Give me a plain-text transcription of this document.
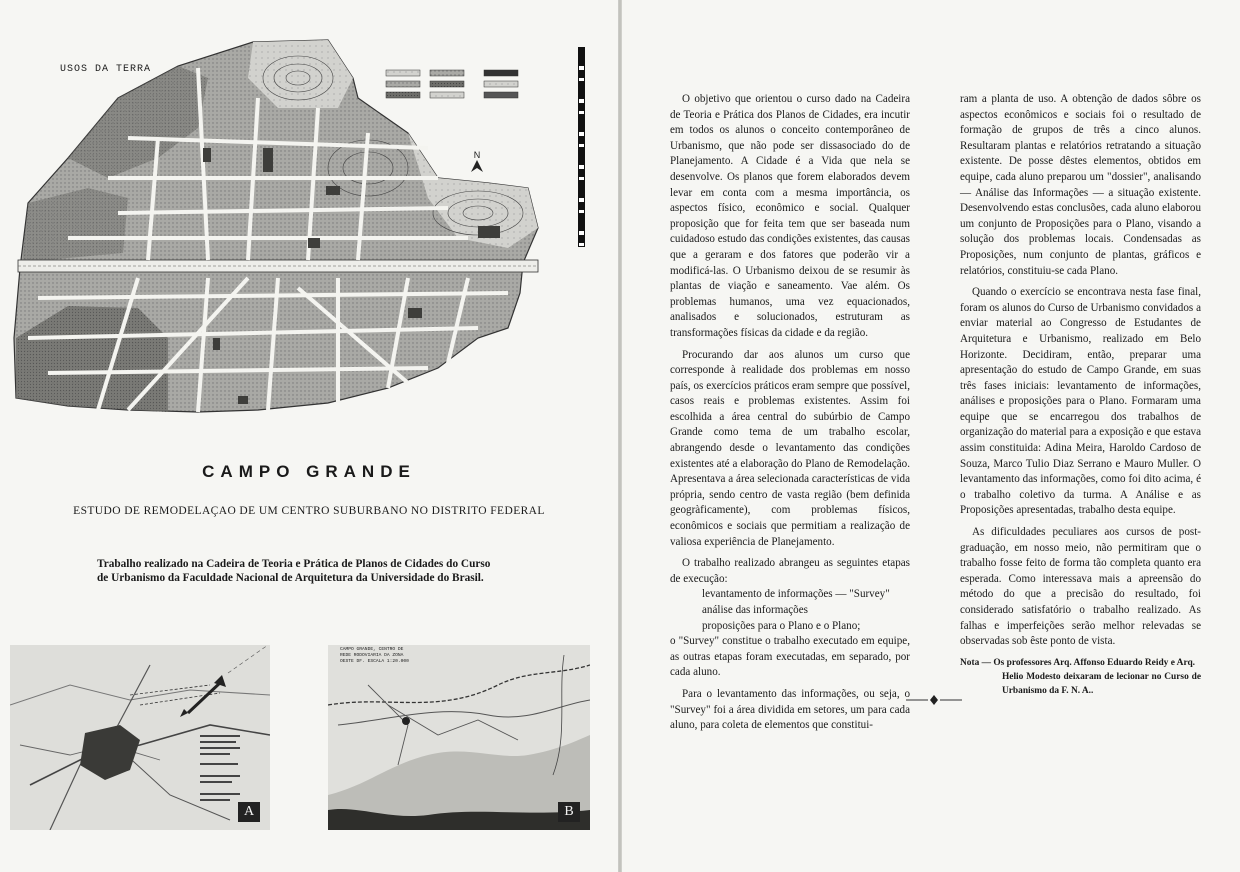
USOS DA TERRA
N
CAMPO GRANDE
ESTUDO DE REMODELAÇAO DE UM CENTRO SUBURBANO NO DISTRITO FEDERAL
Trabalho realizado na Cadeira de Teoria e Prática de Planos de Cidades do Curso
de Urbanismo da Faculdade Nacional de Arquitetura da Universidade do Brasil.
A
CAMPO GRANDE, CENTRO DE REDE RODOVIARIA DA ZONA OESTE DF. ESCALA 1:20.000
B

O objetivo que orientou o curso dado na Cadeira de Teoria e Prática dos Planos de Cidades, era incutir em todos os alunos o conceito contemporâneo de Urbanismo, que não pode ser dissasociado do de Planejamento. A Cidade é a Vida que nela se desenvolve. Os planos que forem elaborados devem levar em conta com a mesma importância, os aspectos físico, econômico e social. Qualquer proposição que for feita tem que ser baseada num cuidadoso estudo das condições existentes, das causas que a geraram e dos fatores que poderão vir a modificá-las. O Urbanismo deixou de se resumir às plantas de viação e saneamento. Vae além. Os problemas humanos, uma vez equacionados, analisados e solucionados, estruturam as transformações físicas da cidade e da região.

Procurando dar aos alunos um curso que corresponde à realidade dos problemas em nosso país, os exercícios práticos eram sempre que possível, casos reais e problemas existentes. Assim foi escolhida a área central do subúrbio de Campo Grande como tema de um trabalho escolar, abrangendo desde o levantamento das condições existentes até a elaboração do Plano de Remodelação. Apresentava a área selecionada características de vida própria, sendo centro de vasta região (bem definida geogràficamente), com problemas físicos, econômicos e sociais que permitiam a realização de valiosa experiência de Planejamento.

O trabalho realizado abrangeu as seguintes etapas de execução:

levantamento de informações — "Survey"
análise das informações
proposições para o Plano e o Plano;

o "Survey" constitue o trabalho executado em equipe, as outras etapas foram executadas, em separado, por cada aluno.

Para o levantamento das informações, ou seja, o "Survey" foi a área dividida em setores, um para cada aluno, para coleta de elementos que constitui-

ram a planta de uso. A obtenção de dados sôbre os aspectos econômicos e sociais foi o resultado de formação de grupos de três a cinco alunos. Resultaram plantas e relatórios retratando a situação existente. De posse dêstes elementos, obtidos em equipe, cada aluno preparou um "dossier", analisando — Análise das Informações — a situação existente. Desenvolvendo estas conclusões, cada aluno elaborou um conjunto de Proposições para o Plano, visando a solução dos problemas locais. Condensadas as Proposições, num conjunto de plantas, gráficos e relatórios, constituiu-se cada Plano.

Quando o exercício se encontrava nesta fase final, foram os alunos do Curso de Urbanismo convidados a enviar material ao Congresso de Estudantes de Arquitetura e Urbanismo, realizado em Belo Horizonte. Decidiram, então, preparar uma apresentação do estudo de Campo Grande, em suas três fases iniciais: levantamento de informações, análises e proposições para o Plano. Formaram uma equipe que se encarregou dos trabalhos de organização do material para a exposição e que estava assim constituida: Adina Meira, Haroldo Cardoso de Souza, Marco Tulio Diaz Serrano e Mauro Muller. O levantamento das informações, como foi dito acima, é o trabalho coletivo da turma. A Análise e as Proposições apresentadas, trabalho desta equipe.

As dificuldades peculiares aos cursos de post-graduação, em nosso meio, não permitiram que o trabalho fosse feito de forma tão completa quanto era esperada. Como interessava mais a apreensão do método do que a precisão do resultado, foi considerado satisfatório o trabalho realizado. As falhas e imperfeições serão melhor relevadas se observadas sob êste ponto de vista.

Nota — Os professores Arq. Affonso Eduardo Reidy e Arq.
Helio Modesto deixaram de lecionar no Curso de Urbanismo da F. N. A..
